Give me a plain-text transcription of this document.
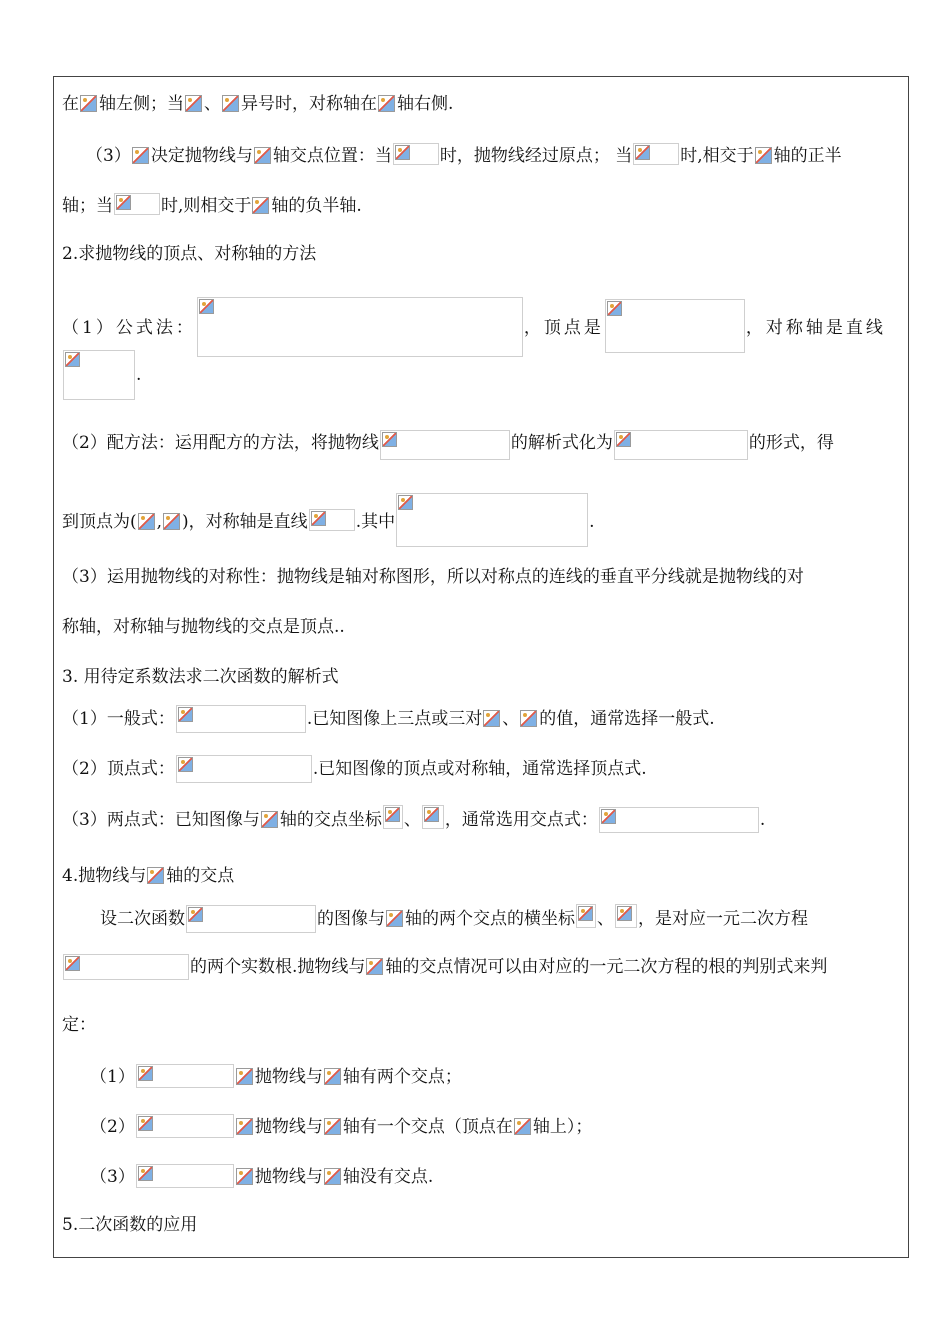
在 轴左侧；当 、 异号时，对称轴在 轴右侧.
（3） 决定抛物线与 轴交点位置：当	时，抛物线经过原点； 当	时,相交于 轴的正半
轴；当	时,则相交于 轴的负半轴.
2.求抛物线的顶点、对称轴的方法
（1）公式法：	，顶点是	，对称轴是直线
.
（2）配方法：运用配方的方法，将抛物线	的解析式化为	的形式，得
到顶点为( , )，对称轴是直线	.其中	.
（3）运用抛物线的对称性：抛物线是轴对称图形，所以对称点的连线的垂直平分线就是抛物线的对
称轴，对称轴与抛物线的交点是顶点..
3. 用待定系数法求二次函数的解析式
（1）一般式：	.已知图像上三点或三对 、 的值，通常选择一般式.
（2）顶点式：	.已知图像的顶点或对称轴，通常选择顶点式.
（3）两点式：已知图像与 轴的交点坐标 、 ，通常选用交点式：	.
4.抛物线与 轴的交点
设二次函数	的图像与 轴的两个交点的横坐标 、 ，是对应一元二次方程
的两个实数根.抛物线与 轴的交点情况可以由对应的一元二次方程的根的判别式来判
定：
（1）	抛物线与 轴有两个交点；
（2）	抛物线与 轴有一个交点（顶点在 轴上）；
（3）	抛物线与 轴没有交点.
5.二次函数的应用
